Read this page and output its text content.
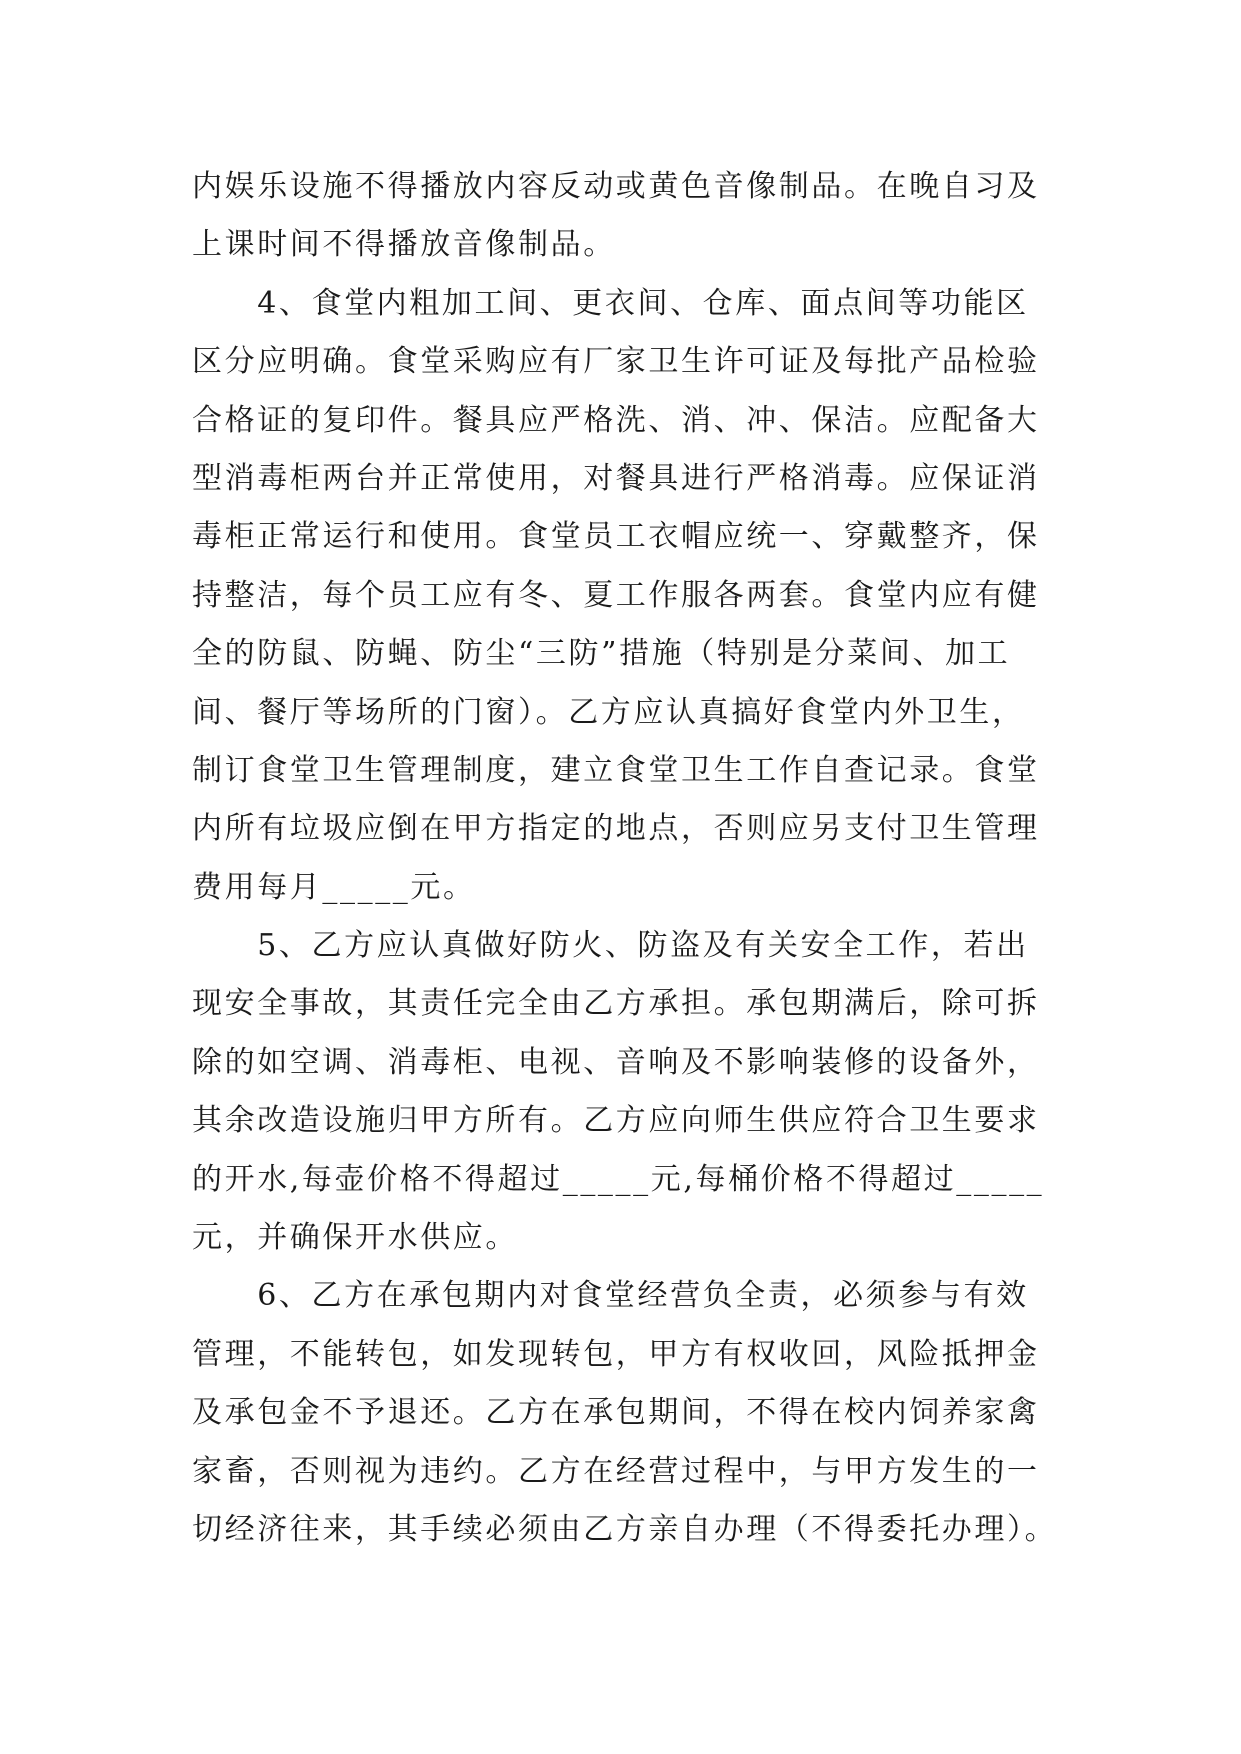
内娱乐设施不得播放内容反动或黄色音像制品。在晚自习及
上课时间不得播放音像制品。
　　4、食堂内粗加工间、更衣间、仓库、面点间等功能区
区分应明确。食堂采购应有厂家卫生许可证及每批产品检验
合格证的复印件。餐具应严格洗、消、冲、保洁。应配备大
型消毒柜两台并正常使用，对餐具进行严格消毒。应保证消
毒柜正常运行和使用。食堂员工衣帽应统一、穿戴整齐，保
持整洁，每个员工应有冬、夏工作服各两套。食堂内应有健
全的防鼠、防蝇、防尘“三防”措施（特别是分菜间、加工
间、餐厅等场所的门窗）。乙方应认真搞好食堂内外卫生，
制订食堂卫生管理制度，建立食堂卫生工作自查记录。食堂
内所有垃圾应倒在甲方指定的地点，否则应另支付卫生管理
费用每月_____元。
　　5、乙方应认真做好防火、防盗及有关安全工作，若出
现安全事故，其责任完全由乙方承担。承包期满后，除可拆
除的如空调、消毒柜、电视、音响及不影响装修的设备外，
其余改造设施归甲方所有。乙方应向师生供应符合卫生要求
的开水,每壶价格不得超过_____元,每桶价格不得超过_____
元，并确保开水供应。
　　6、乙方在承包期内对食堂经营负全责，必须参与有效
管理，不能转包，如发现转包，甲方有权收回，风险抵押金
及承包金不予退还。乙方在承包期间，不得在校内饲养家禽
家畜，否则视为违约。乙方在经营过程中，与甲方发生的一
切经济往来，其手续必须由乙方亲自办理（不得委托办理）。
